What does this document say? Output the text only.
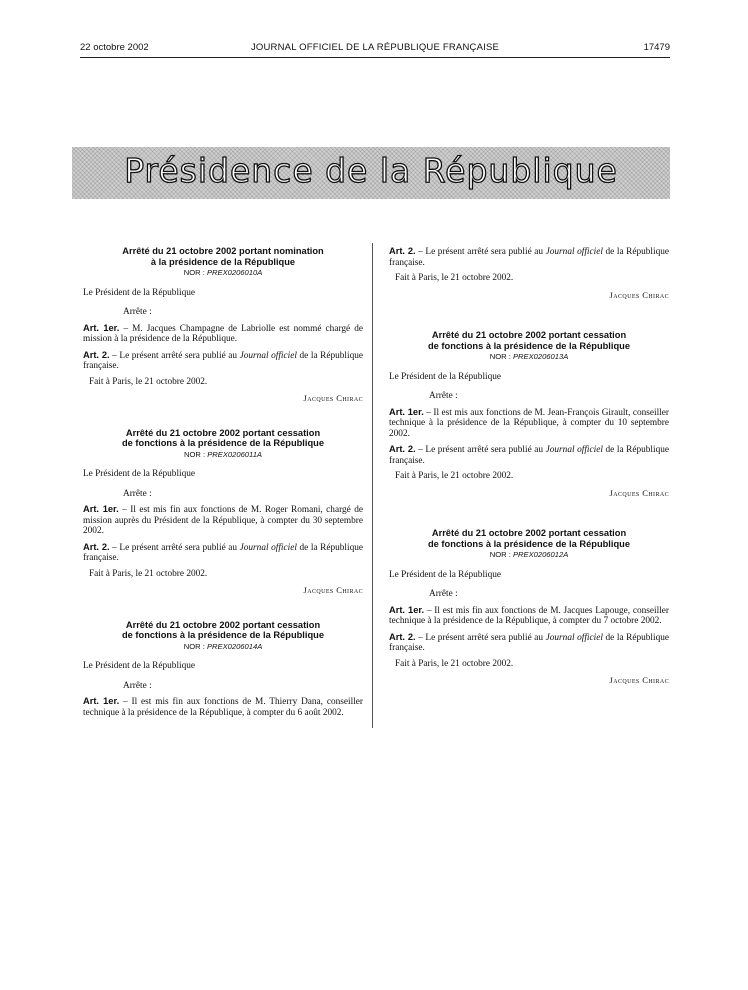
22 octobre 2002	JOURNAL OFFICIEL DE LA RÉPUBLIQUE FRANÇAISE	17479
Présidence de la République
Arrêté du 21 octobre 2002 portant nomination
à la présidence de la République
NOR : PREX0206010A

Le Président de la République

Arrête :

Art. 1er. – M. Jacques Champagne de Labriolle est nommé chargé de mission à la présidence de la République.

Art. 2. – Le présent arrêté sera publié au Journal officiel de la République française.

Fait à Paris, le 21 octobre 2002.

Jacques Chirac
Arrêté du 21 octobre 2002 portant cessation
de fonctions à la présidence de la République
NOR : PREX0206011A

Le Président de la République

Arrête :

Art. 1er. – Il est mis fin aux fonctions de M. Roger Romani, chargé de mission auprès du Président de la République, à compter du 30 septembre 2002.

Art. 2. – Le présent arrêté sera publié au Journal officiel de la République française.

Fait à Paris, le 21 octobre 2002.

Jacques Chirac
Arrêté du 21 octobre 2002 portant cessation
de fonctions à la présidence de la République
NOR : PREX0206014A

Le Président de la République

Arrête :

Art. 1er. – Il est mis fin aux fonctions de M. Thierry Dana, conseiller technique à la présidence de la République, à compter du 6 août 2002.

Art. 2. – Le présent arrêté sera publié au Journal officiel de la République française.

Fait à Paris, le 21 octobre 2002.

Jacques Chirac
Arrêté du 21 octobre 2002 portant cessation
de fonctions à la présidence de la République
NOR : PREX0206013A

Le Président de la République

Arrête :

Art. 1er. – Il est mis aux fonctions de M. Jean-François Girault, conseiller technique à la présidence de la République, à compter du 10 septembre 2002.

Art. 2. – Le présent arrêté sera publié au Journal officiel de la République française.

Fait à Paris, le 21 octobre 2002.

Jacques Chirac
Arrêté du 21 octobre 2002 portant cessation
de fonctions à la présidence de la République
NOR : PREX0206012A

Le Président de la République

Arrête :

Art. 1er. – Il est mis fin aux fonctions de M. Jacques Lapouge, conseiller technique à la présidence de la République, à compter du 7 octobre 2002.

Art. 2. – Le présent arrêté sera publié au Journal officiel de la République française.

Fait à Paris, le 21 octobre 2002.

Jacques Chirac
